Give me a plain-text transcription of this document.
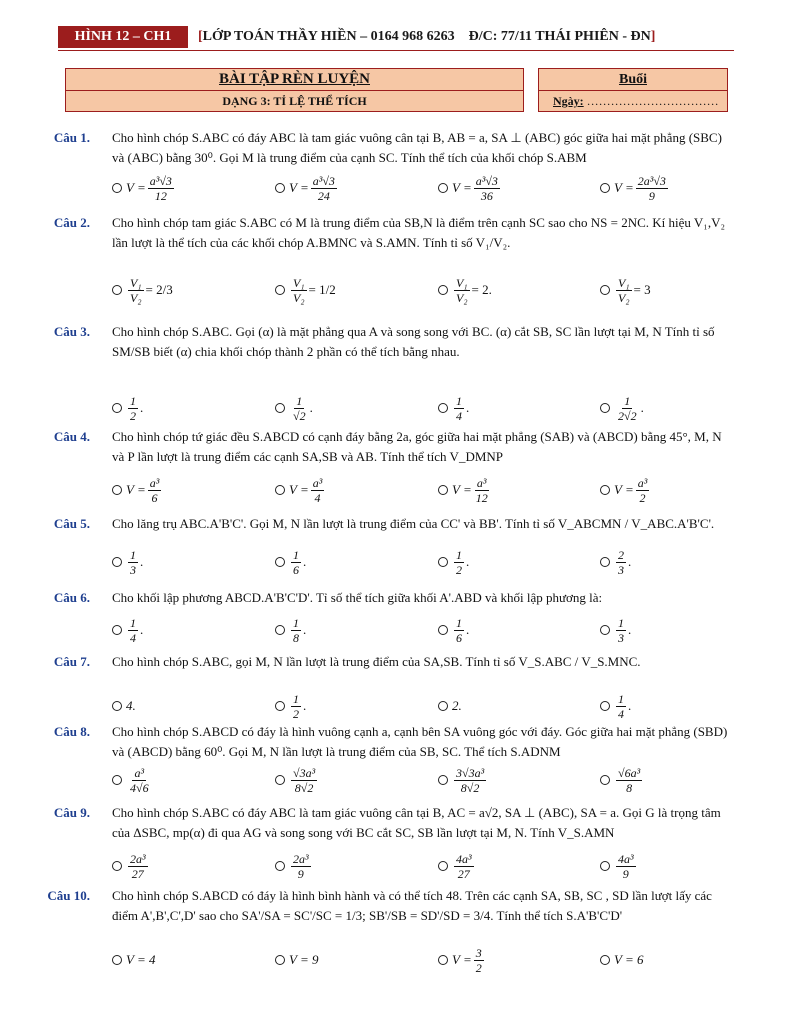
HÌNH 12 – CH1	[LỚP TOÁN THẦY HIỀN – 0164 968 6263    Đ/C: 77/11 THÁI PHIÊN - ĐN]
BÀI TẬP RÈN LUYỆN
DẠNG 3: TỈ LỆ THỂ TÍCH
Buổi
Ngày: ……………………………
Câu 1. Cho hình chóp S.ABC có đáy ABC là tam giác vuông cân tại B, AB = a, SA ⊥ (ABC) góc giữa hai mặt phẳng (SBC) và (ABC) bằng 30⁰. Gọi M là trung điểm của cạnh SC. Tính thể tích của khối chóp S.ABM
$V = \frac{\text{a³√3}}{12}$	$V = \frac{\text{a³√3}}{24}$	$V = \frac{\text{a³√3}}{36}$	$V = \frac{\text{2a³√3}}{9}$
Câu 2. Cho hình chóp tam giác S.ABC có M là trung điểm của SB,N là điểm trên cạnh SC sao cho NS = 2NC. Kí hiệu V₁,V₂ lần lượt là thể tích của các khối chóp A.BMNC và S.AMN. Tính tỉ số V₁/V₂.
$\frac{\text{V₁}}{\text{V₂}} = 2/3$	$\frac{\text{V₁}}{\text{V₂}} = 1/2$	$\frac{\text{V₁}}{\text{V₂}} = 2$.	$\frac{\text{V₁}}{\text{V₂}} = 3$
Câu 3. Cho hình chóp S.ABC. Gọi (α) là mặt phẳng qua A và song song với BC. (α) cắt SB, SC lần lượt tại M, N Tính tỉ số SM/SB biết (α) chia khối chóp thành 2 phần có thể tích bằng nhau.
$\frac{1}{2}$ .	$\frac{1}{√2}$ .	$\frac{1}{4}$ .	$\frac{1}{2√2}$ .
Câu 4. Cho hình chóp tứ giác đều S.ABCD có cạnh đáy bằng 2a, góc giữa hai mặt phẳng (SAB) và (ABCD) bằng 45°, M, N và P lần lượt là trung điểm các cạnh SA,SB và AB. Tính thể tích V_DMNP
$V = \frac{\text{a³}}{6}$	$V = \frac{\text{a³}}{4}$	$V = \frac{\text{a³}}{12}$	$V = \frac{\text{a³}}{2}$
Câu 5. Cho lăng trụ ABC.A'B'C'. Gọi M, N lần lượt là trung điểm của CC' và BB'. Tính tỉ số V_ABCMN / V_ABC.A'B'C'.
$\frac{1}{3}$ .	$\frac{1}{6}$ .	$\frac{1}{2}$ .	$\frac{2}{3}$ .
Câu 6. Cho khối lập phương ABCD.A'B'C'D'. Tỉ số thể tích giữa khối A'.ABD và khối lập phương là:
$\frac{1}{4}$ .	$\frac{1}{8}$ .	$\frac{1}{6}$ .	$\frac{1}{3}$ .
Câu 7. Cho hình chóp S.ABC, gọi M, N lần lượt là trung điểm của SA,SB. Tính tỉ số V_S.ABC / V_S.MNC.
4.	$\frac{1}{2}$ .	2.	$\frac{1}{4}$ .
Câu 8. Cho hình chóp S.ABCD có đáy là hình vuông cạnh a, cạnh bên SA vuông góc với đáy. Góc giữa hai mặt phẳng (SBD) và (ABCD) bằng 60⁰. Gọi M, N lần lượt là trung điểm của SB, SC. Thể tích S.ADNM
$\frac{\text{a³}}{4√6}$	$\frac{\text{√3a³}}{8√2}$	$\frac{\text{3√3a³}}{8√2}$	$\frac{\text{√6a³}}{8}$
Câu 9. Cho hình chóp S.ABC có đáy ABC là tam giác vuông cân tại B, AC = a√2, SA ⊥ (ABC), SA = a. Gọi G là trọng tâm của ΔSBC, mp(α) đi qua AG và song song với BC cắt SC, SB lần lượt tại M, N. Tính V_S.AMN
$\frac{\text{2a³}}{27}$	$\frac{\text{2a³}}{9}$	$\frac{\text{4a³}}{27}$	$\frac{\text{4a³}}{9}$
Câu 10. Cho hình chóp S.ABCD có đáy là hình bình hành và có thể tích 48. Trên các cạnh SA, SB, SC , SD lần lượt lấy các điểm A',B',C',D' sao cho SA'/SA = SC'/SC = 1/3; SB'/SB = SD'/SD = 3/4. Tính thể tích S.A'B'C'D'
V = 4	V = 9	$V = \frac{3}{2}$	V = 6
